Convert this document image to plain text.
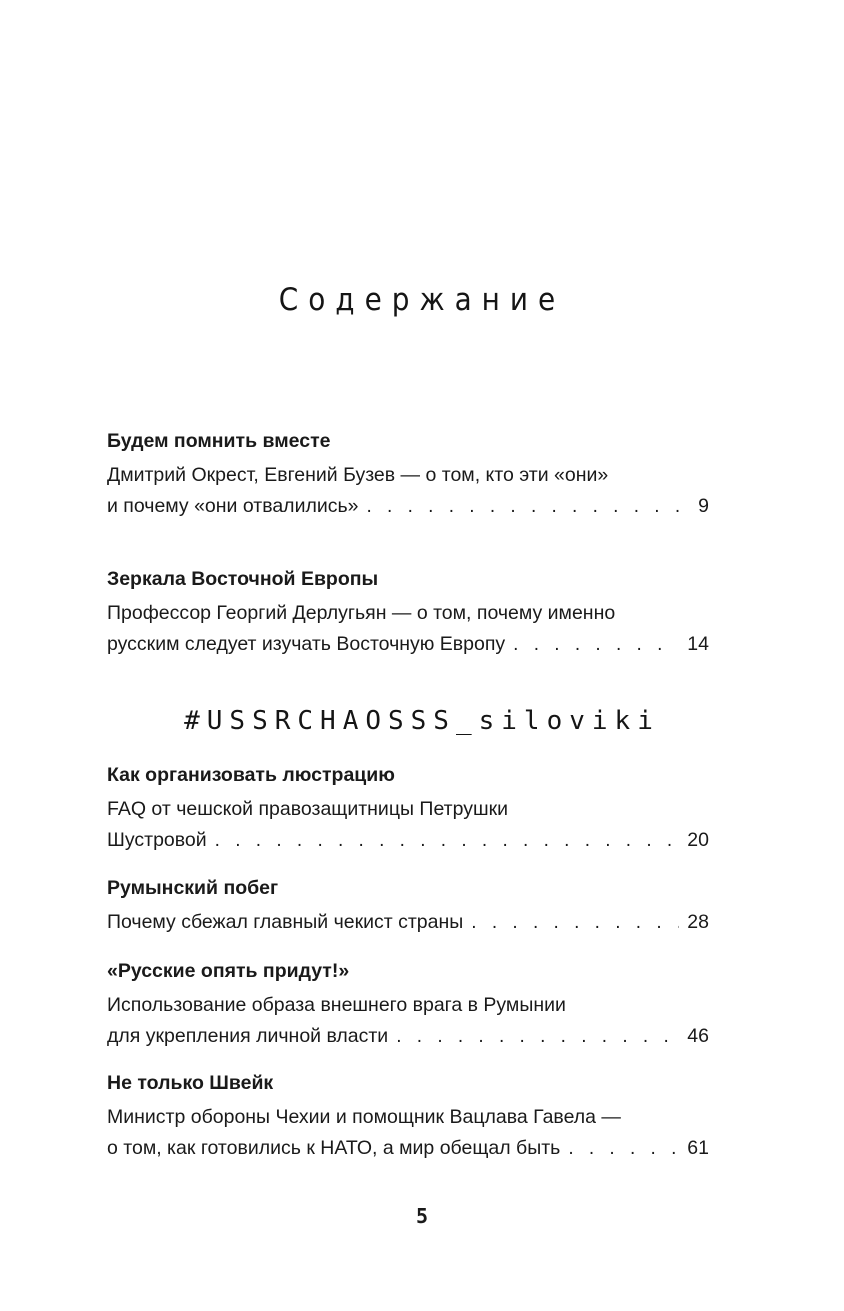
Содержание
Будем помнить вместе
Дмитрий Окрест, Евгений Бузев — о том, кто эти «они»
и почему «они отвалились» . . .	9
Зеркала Восточной Европы
Профессор Георгий Дерлугьян — о том, почему именно
русским следует изучать Восточную Европу . . .	14
#USSRCHAOSSS_siloviki
Как организовать люстрацию
FAQ от чешской правозащитницы Петрушки
Шустровой . . .	20
Румынский побег
Почему сбежал главный чекист страны . . .	28
«Русские опять придут!»
Использование образа внешнего врага в Румынии
для укрепления личной власти . . .	46
Не только Швейк
Министр обороны Чехии и помощник Вацлава Гавела —
о том, как готовились к НАТО, а мир обещал быть . . .	61
5
